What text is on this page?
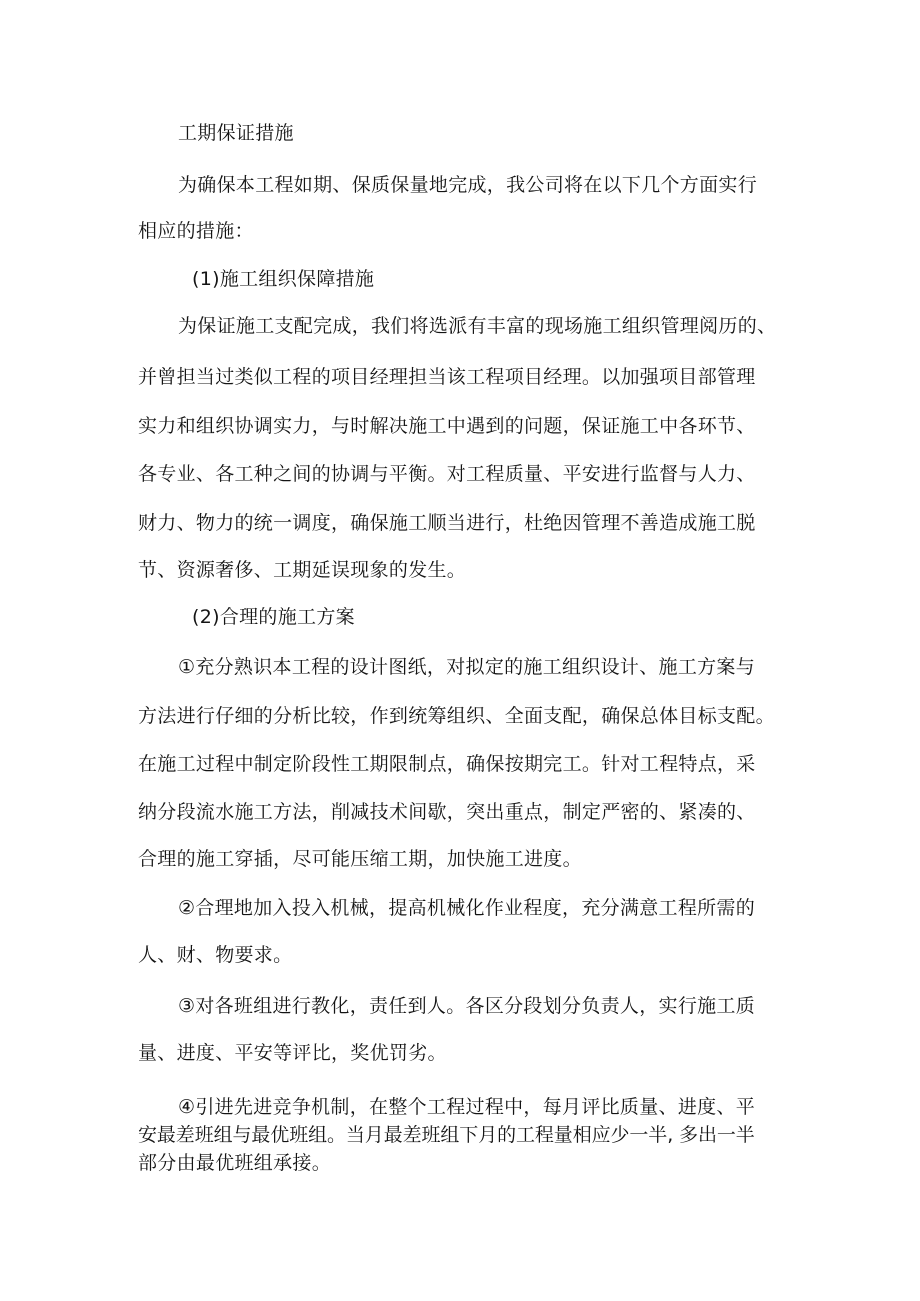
工期保证措施
为确保本工程如期、保质保量地完成，我公司将在以下几个方面实行
相应的措施：
(1)施工组织保障措施
为保证施工支配完成，我们将选派有丰富的现场施工组织管理阅历的、
并曾担当过类似工程的项目经理担当该工程项目经理。以加强项目部管理
实力和组织协调实力，与时解决施工中遇到的问题，保证施工中各环节、
各专业、各工种之间的协调与平衡。对工程质量、平安进行监督与人力、
财力、物力的统一调度，确保施工顺当进行，杜绝因管理不善造成施工脱
节、资源奢侈、工期延误现象的发生。
(2)合理的施工方案
①充分熟识本工程的设计图纸，对拟定的施工组织设计、施工方案与
方法进行仔细的分析比较，作到统筹组织、全面支配，确保总体目标支配。
在施工过程中制定阶段性工期限制点，确保按期完工。针对工程特点，采
纳分段流水施工方法，削减技术间歇，突出重点，制定严密的、紧凑的、
合理的施工穿插，尽可能压缩工期，加快施工进度。
②合理地加入投入机械，提高机械化作业程度，充分满意工程所需的
人、财、物要求。
③对各班组进行教化，责任到人。各区分段划分负责人，实行施工质
量、进度、平安等评比，奖优罚劣。
④引进先进竞争机制，在整个工程过程中，每月评比质量、进度、平
安最差班组与最优班组。当月最差班组下月的工程量相应少一半, 多出一半
部分由最优班组承接。
